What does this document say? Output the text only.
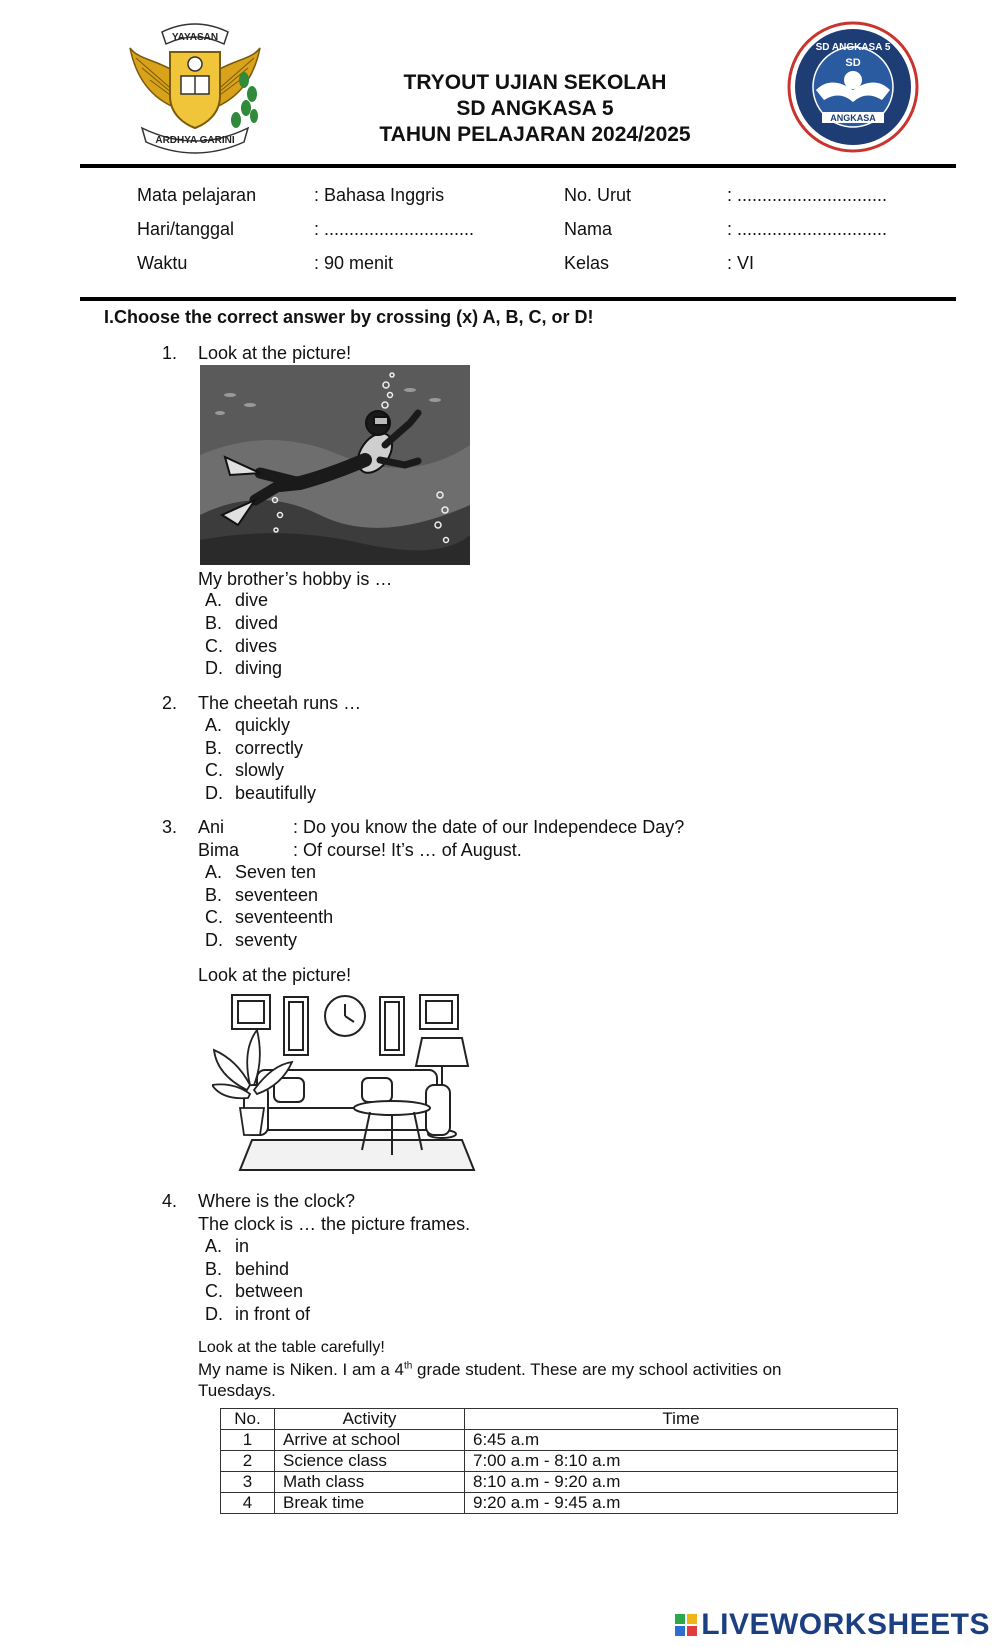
YAYASAN
ARDHYA GARINI
TRYOUT UJIAN SEKOLAH
SD ANGKASA 5
TAHUN PELAJARAN 2024/2025
ANGKASA
SD ANGKASA 5
SD
Mata pelajaran	: Bahasa Inggris
Hari/tanggal	: ..............................
Waktu	: 90 menit
No. Urut	: ..............................
Nama	: ..............................
Kelas	: VI
I.Choose the correct answer by crossing (x) A, B, C, or D!
1. Look at the picture!
My brother’s hobby is …
A. dive
B. dived
C. dives
D. diving
2. The cheetah runs …
A. quickly
B. correctly
C. slowly
D. beautifully
3. Ani	: Do you know the date of our Independece Day?
Bima	: Of course! It’s … of August.
A. Seven ten
B. seventeen
C. seventeenth
D. seventy
Look at the picture!
4. Where is the clock?
The clock is … the picture frames.
A. in
B. behind
C. between
D. in front of
Look at the table carefully!
My name is Niken. I am a 4th grade student. These are my school activities on
Tuesdays.
No.	Activity	Time
1	Arrive at school	6:45 a.m
2	Science class	7:00 a.m - 8:10 a.m
3	Math class	8:10 a.m - 9:20 a.m
4	Break time	9:20 a.m - 9:45 a.m
LIVEWORKSHEETS
